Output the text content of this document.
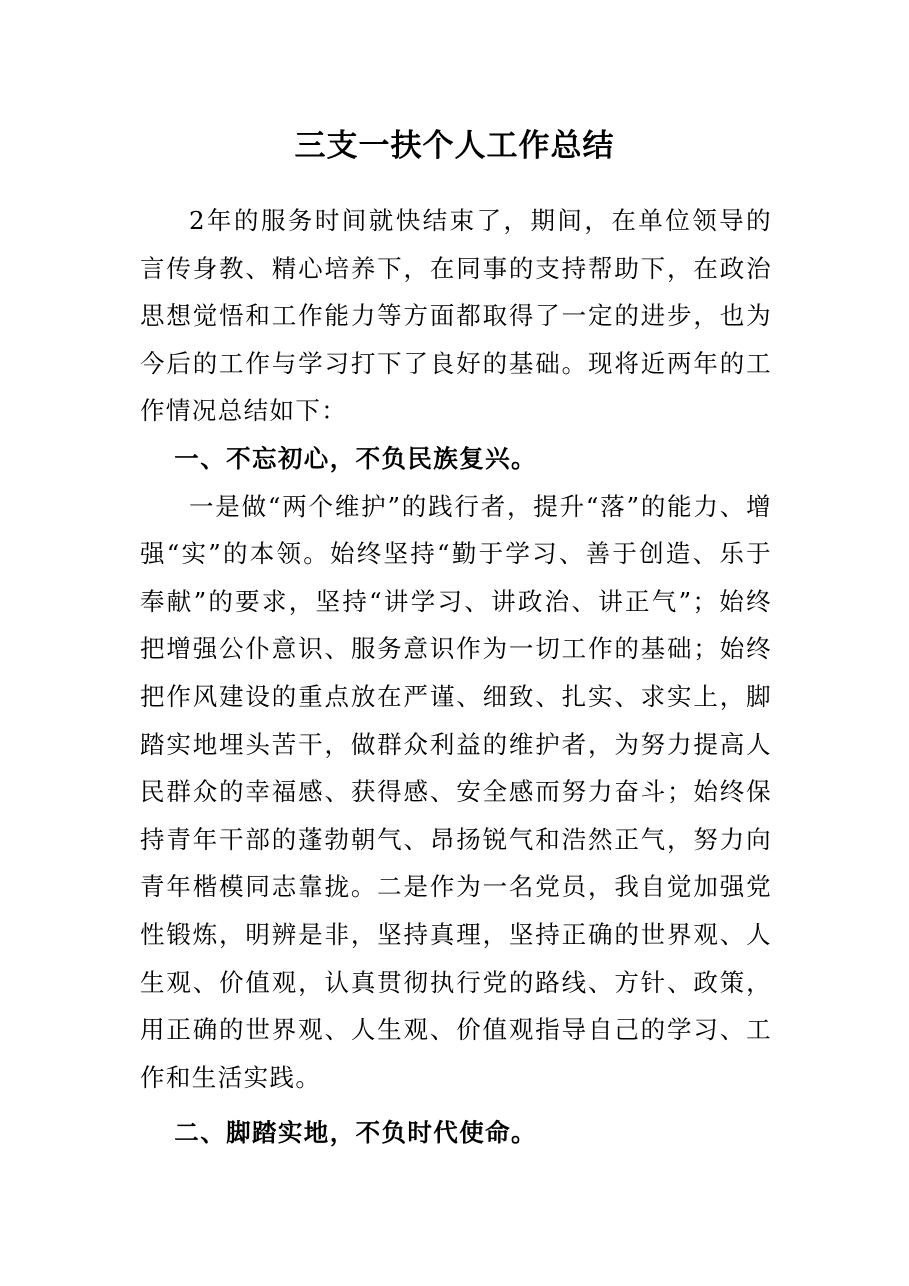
三支一扶个人工作总结

2年的服务时间就快结束了，期间，在单位领导的言传身教、精心培养下，在同事的支持帮助下，在政治思想觉悟和工作能力等方面都取得了一定的进步，也为今后的工作与学习打下了良好的基础。现将近两年的工作情况总结如下：

一、不忘初心，不负民族复兴。

一是做“两个维护”的践行者，提升“落”的能力、增强“实”的本领。始终坚持“勤于学习、善于创造、乐于奉献”的要求，坚持“讲学习、讲政治、讲正气”；始终把增强公仆意识、服务意识作为一切工作的基础；始终把作风建设的重点放在严谨、细致、扎实、求实上，脚踏实地埋头苦干，做群众利益的维护者，为努力提高人民群众的幸福感、获得感、安全感而努力奋斗；始终保持青年干部的蓬勃朝气、昂扬锐气和浩然正气，努力向青年楷模同志靠拢。二是作为一名党员，我自觉加强党性锻炼，明辨是非，坚持真理，坚持正确的世界观、人生观、价值观，认真贯彻执行党的路线、方针、政策，用正确的世界观、人生观、价值观指导自己的学习、工作和生活实践。

二、脚踏实地，不负时代使命。
